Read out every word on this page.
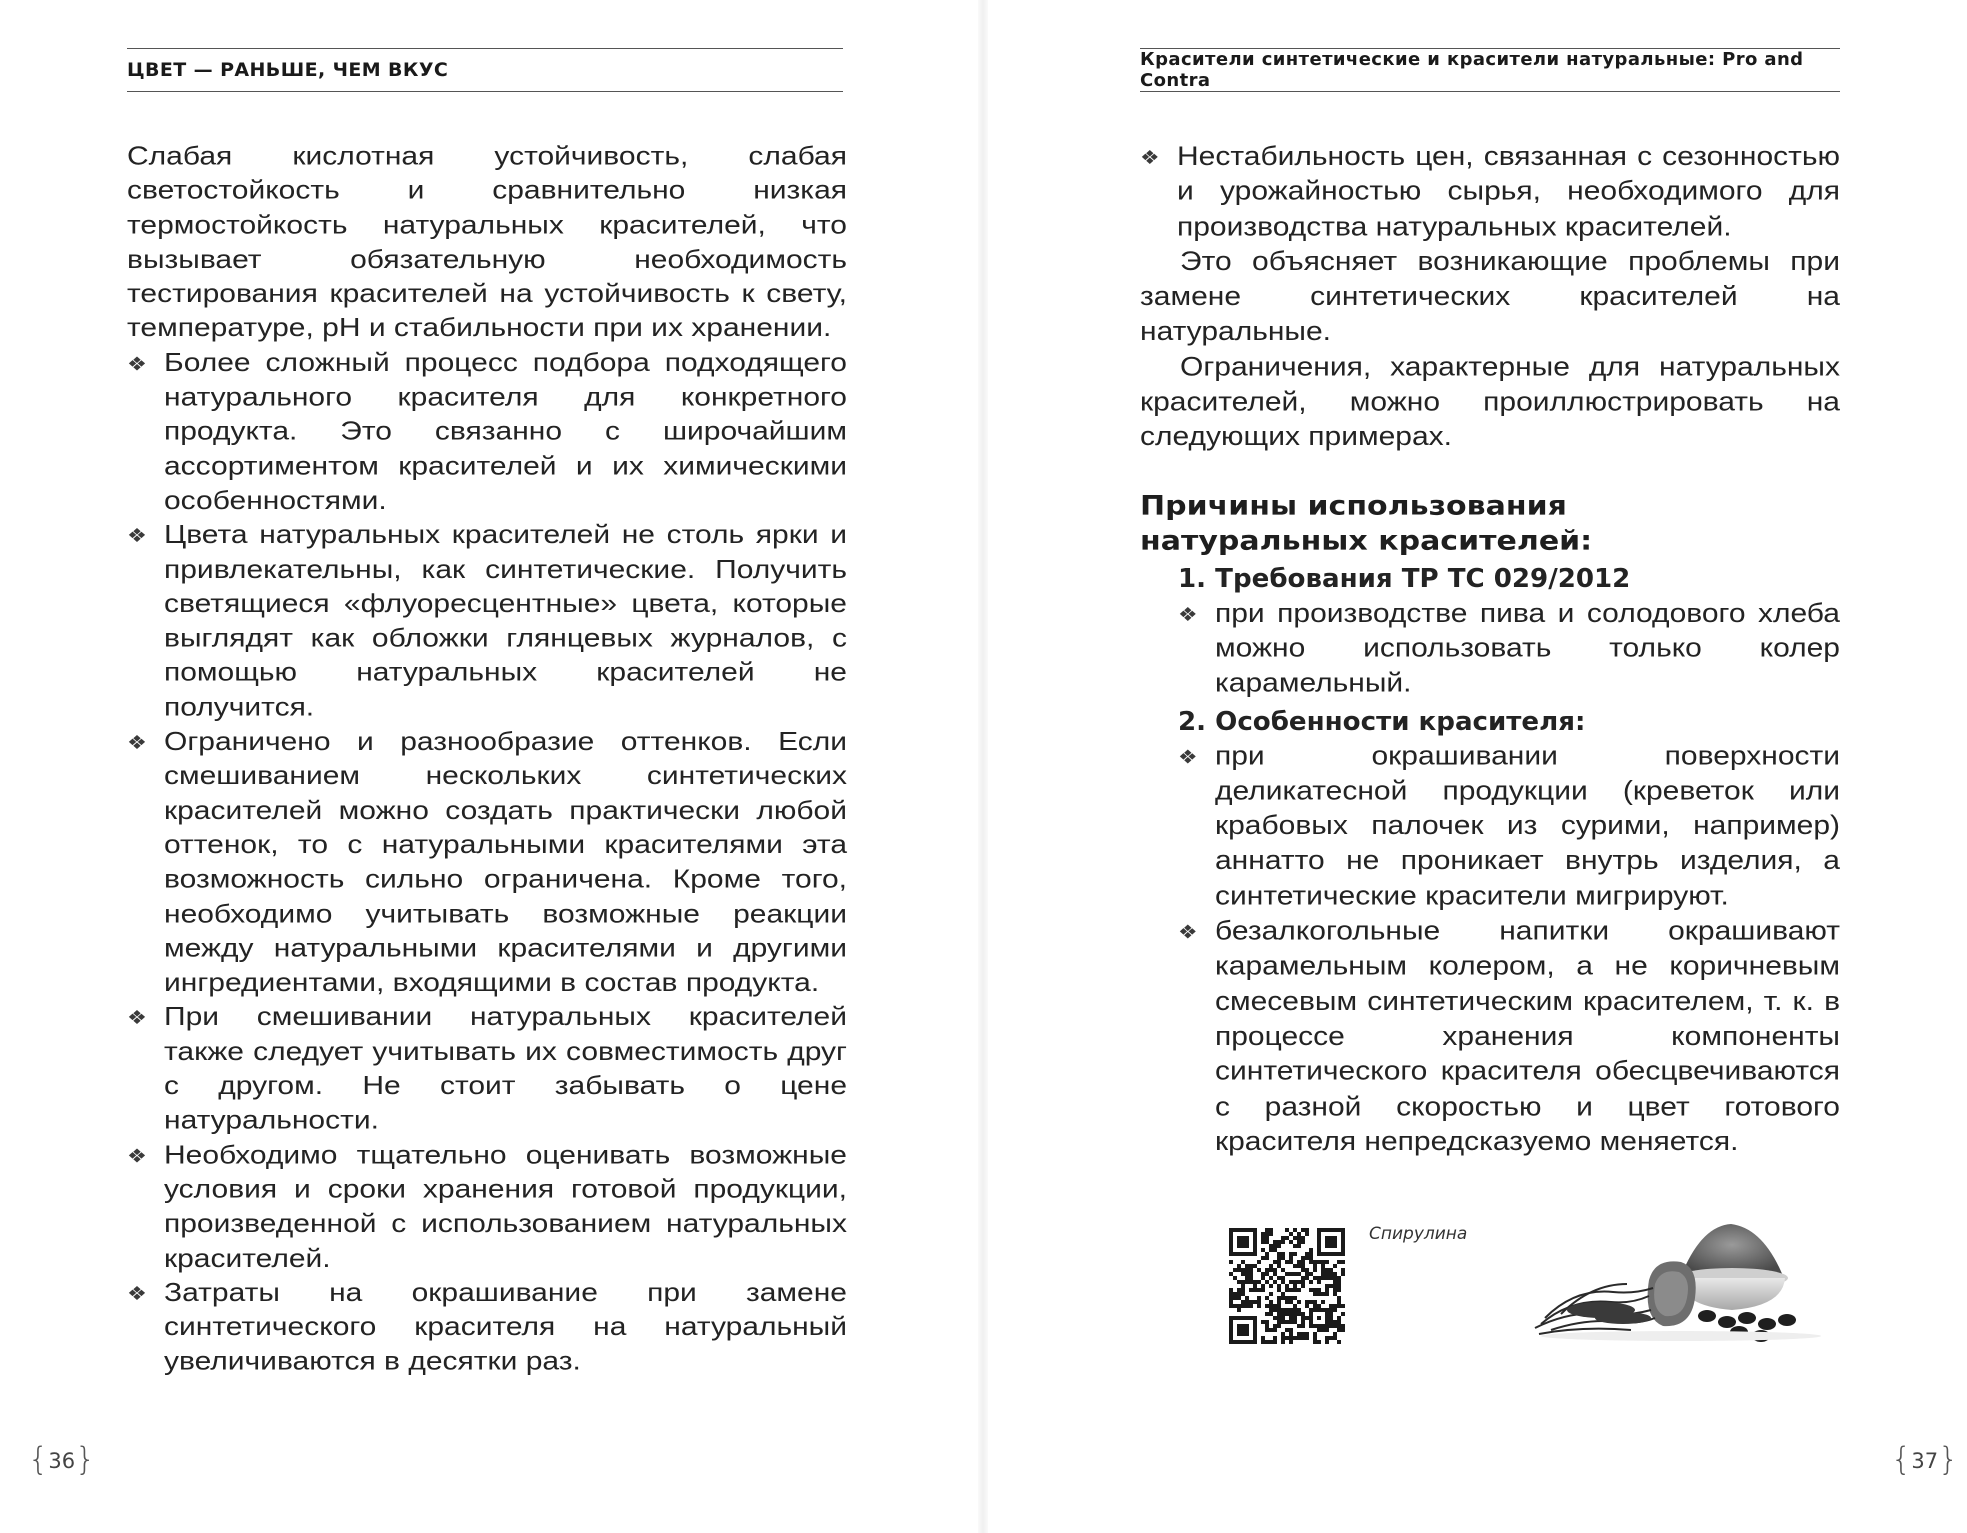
ЦВЕТ — РАНЬШЕ, ЧЕМ ВКУС

Слабая кислотная устойчивость, слабая светостойкость и сравнительно низкая термостойкость натуральных красителей, что вызывает обязательную необходимость тестирования красителей на устойчивость к свету, температуре, pH и стабильности при их хранении.

❖ Более сложный процесс подбора подходящего натурального красителя для конкретного продукта. Это связанно с широчайшим ассортиментом красителей и их химическими особенностями.
❖ Цвета натуральных красителей не столь ярки и привлекательны, как синтетические. Получить светящиеся «флуоресцентные» цвета, которые выглядят как обложки глянцевых журналов, с помощью натуральных красителей не получится.
❖ Ограничено и разнообразие оттенков. Если смешиванием нескольких синтетических красителей можно создать практически любой оттенок, то с натуральными красителями эта возможность сильно ограничена. Кроме того, необходимо учитывать возможные реакции между натуральными красителями и другими ингредиентами, входящими в состав продукта.
❖ При смешивании натуральных красителей также следует учитывать их совместимость друг с другом. Не стоит забывать о цене натуральности.
❖ Необходимо тщательно оценивать возможные условия и сроки хранения готовой продукции, произведенной с использованием натуральных красителей.
❖ Затраты на окрашивание при замене синтетического красителя на натуральный увеличиваются в десятки раз.
{36}
Красители синтетические и красители натуральные: Pro and Contra
❖ Нестабильность цен, связанная с сезонностью и урожайностью сырья, необходимого для производства натуральных красителей.

Это объясняет возникающие проблемы при замене синтетических красителей на натуральные.

Ограничения, характерные для натуральных красителей, можно проиллюстрировать на следующих примерах.

Причины использования
натуральных красителей:
1. Требования ТР ТС 029/2012
❖ при производстве пива и солодового хлеба можно использовать только колер карамельный.
2. Особенности красителя:
❖ при окрашивании поверхности деликатесной продукции (креветок или крабовых палочек из сурими, например) аннатто не проникает внутрь изделия, а синтетические красители мигрируют.
❖ безалкогольные напитки окрашивают карамельным колером, а не коричневым смесевым синтетическим красителем, т. к. в процессе хранения компоненты синтетического красителя обесцвечиваются с разной скоростью и цвет готового красителя непредсказуемо меняется.
Спирулина
{37}
